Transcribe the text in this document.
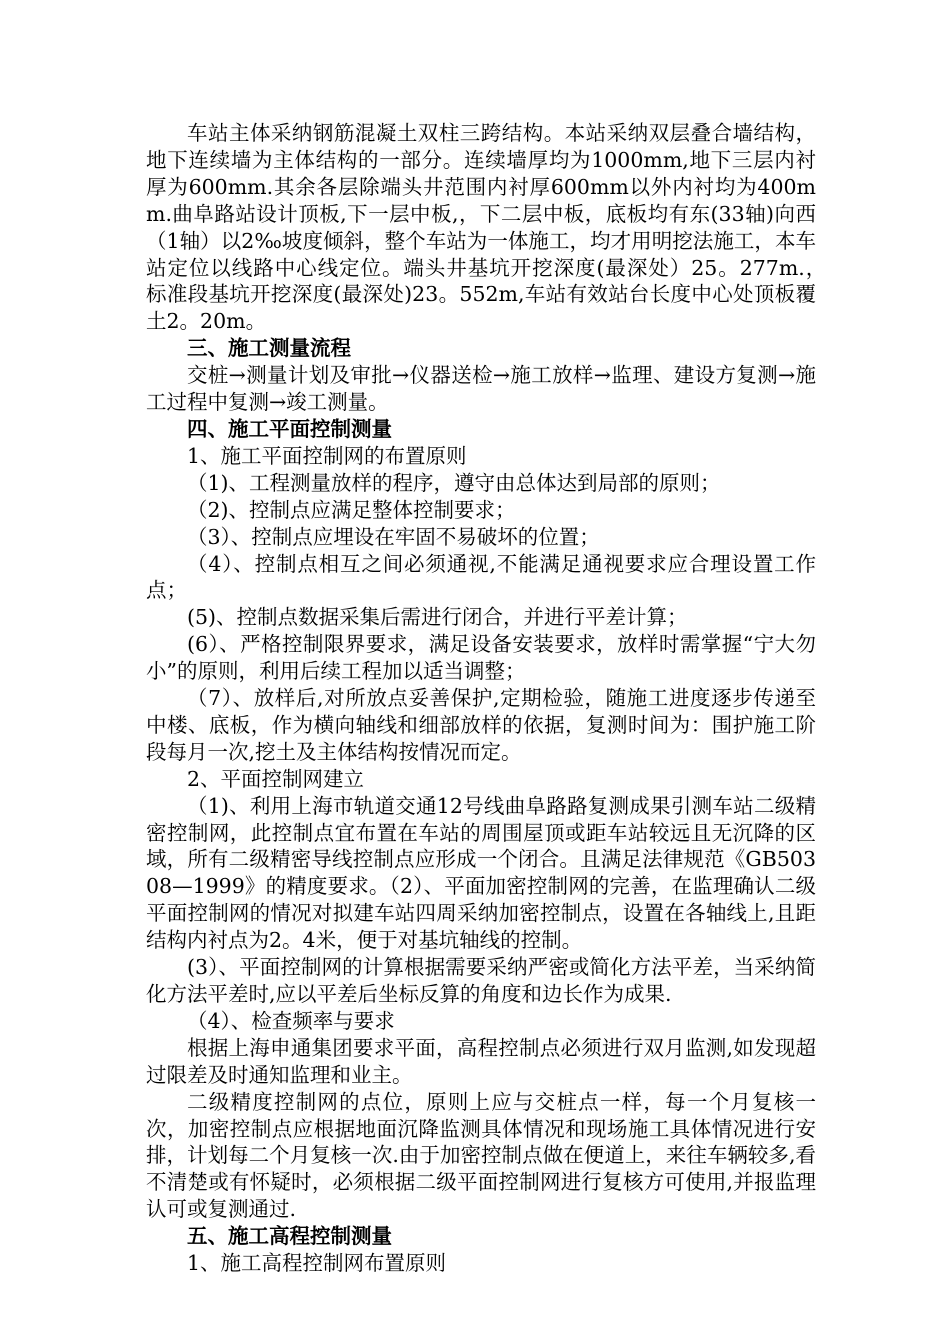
车站主体采纳钢筋混凝土双柱三跨结构。本站采纳双层叠合墙结构，地下连续墙为主体结构的一部分。连续墙厚均为1000mm,地下三层内衬厚为600mm.其余各层除端头井范围内衬厚600mm以外内衬均为400mm.曲阜路站设计顶板,下一层中板,，下二层中板，底板均有东(33轴)向西（1轴）以2‰坡度倾斜，整个车站为一体施工，均才用明挖法施工，本车站定位以线路中心线定位。端头井基坑开挖深度(最深处）25。277m.，　标准段基坑开挖深度(最深处)23。552m,车站有效站台长度中心处顶板覆土2。20m。

三、施工测量流程

交桩→测量计划及审批→仪器送检→施工放样→监理、建设方复测→施工过程中复测→竣工测量。

四、施工平面控制测量

1、施工平面控制网的布置原则

（1)、工程测量放样的程序，遵守由总体达到局部的原则；

（2)、控制点应满足整体控制要求；

（3）、控制点应埋设在牢固不易破坏的位置；

（4）、控制点相互之间必须通视,不能满足通视要求应合理设置工作点；

(5)、控制点数据采集后需进行闭合，并进行平差计算；

(6）、严格控制限界要求，满足设备安装要求，放样时需掌握“宁大勿小”的原则，利用后续工程加以适当调整；

（7）、放样后,对所放点妥善保护,定期检验，随施工进度逐步传递至中楼、底板，作为横向轴线和细部放样的依据，复测时间为：围护施工阶段每月一次,挖土及主体结构按情况而定。

2、平面控制网建立

（1)、利用上海市轨道交通12号线曲阜路路复测成果引测车站二级精密控制网，此控制点宜布置在车站的周围屋顶或距车站较远且无沉降的区域，所有二级精密导线控制点应形成一个闭合。且满足法律规范《GB50308—1999》的精度要求。（2）、平面加密控制网的完善，在监理确认二级平面控制网的情况对拟建车站四周采纳加密控制点，设置在各轴线上,且距结构内衬点为2。4米，便于对基坑轴线的控制。

(3）、平面控制网的计算根据需要采纳严密或简化方法平差，当采纳简化方法平差时,应以平差后坐标反算的角度和边长作为成果.

（4）、检查频率与要求

根据上海申通集团要求平面，高程控制点必须进行双月监测,如发现超过限差及时通知监理和业主。

二级精度控制网的点位，原则上应与交桩点一样，每一个月复核一次，加密控制点应根据地面沉降监测具体情况和现场施工具体情况进行安排，计划每二个月复核一次.由于加密控制点做在便道上，来往车辆较多,看不清楚或有怀疑时，必须根据二级平面控制网进行复核方可使用,并报监理认可或复测通过.

五、施工高程控制测量

1、施工高程控制网布置原则
